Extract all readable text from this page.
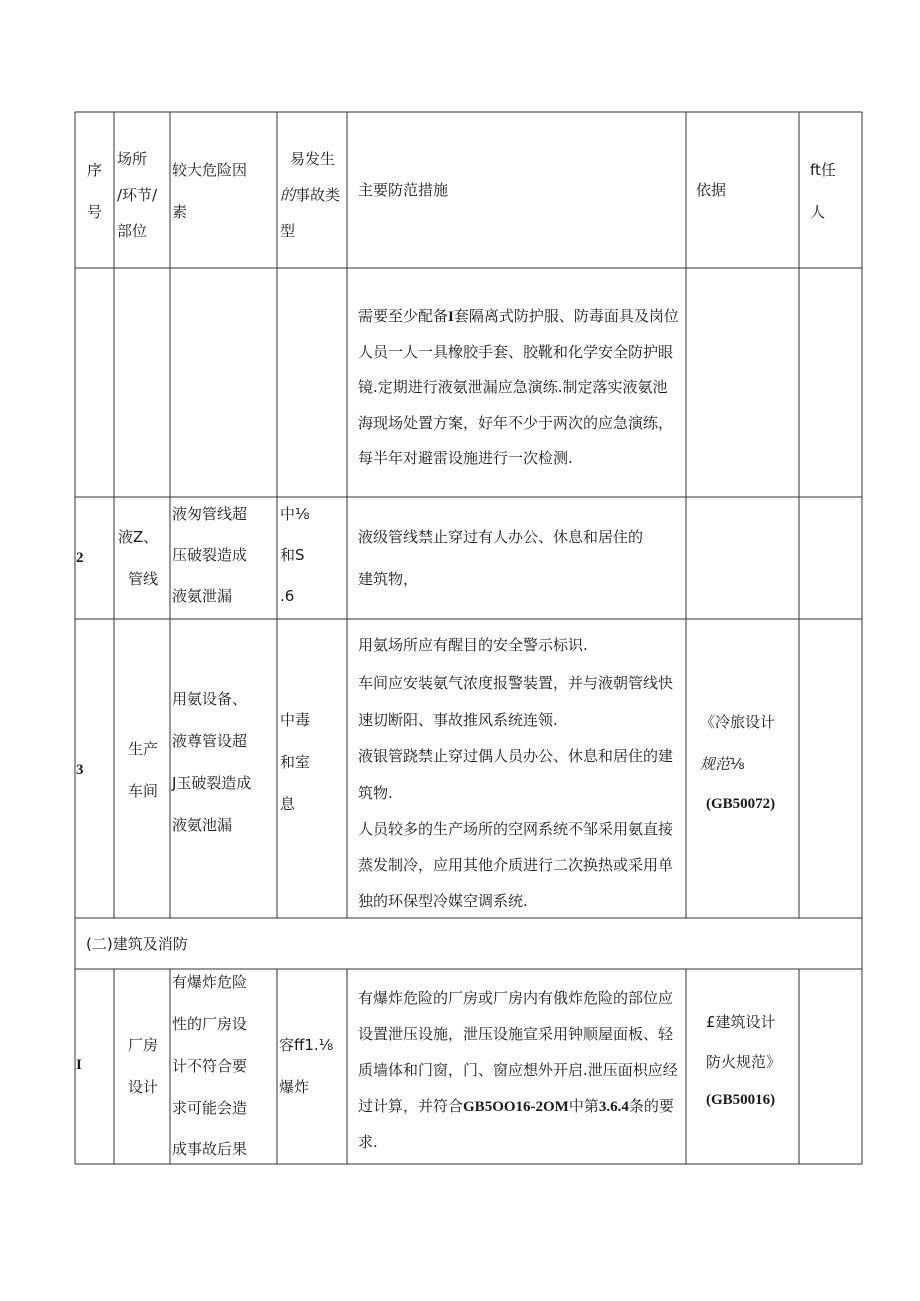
序
号
场所
/环节/
部位
较大危险因
素
易发生
的 事故类
型
主要防范措施	依据
ft任
人
需要至少配备I套隔离式防护服、防毒面具及岗位
人员一人一具橡胶手套、胶靴和化学安全防护眼
镜.定期进行液氨泄漏应急演练.制定落实液氨池
海现场处置方案，好年不少于两次的应急演练，
每半年对避雷设施进行一次检测.
2
液Z、
管线
液匆管线超
压破裂造成
液氨泄漏
中⅛
和S
.6
液级管线禁止穿过有人办公、休息和居住的
建筑物，
3
生产
车间
用氨设备、
液尊管设超
J玉破裂造成
液氨池漏
中毒
和室
息
用氨场所应有醒目的安全警示标识.
车间应安装氨气浓度报警装置，并与液朝管线快
速切断阳、事故推风系统连领.
液银管跷禁止穿过偶人员办公、休息和居住的建
筑物.
人员较多的生产场所的空网系统不邹采用氨直接
蒸发制冷，应用其他介质进行二次换热或采用单
独的环保型冷媒空调系统.
《冷旅设计
规范⅛
(GB50072)
(二)建筑及消防
I
厂房
设计
有爆炸危险
性的厂房设
计不符合要
求可能会造
成事故后果
容ff1.⅛
爆炸
有爆炸危险的厂房或厂房内有俄炸危险的部位应
设置泄压设施，泄压设施宣采用钟顺屋面板、轻
质墙体和门窗，门、窗应想外开启.泄压面枳应经
过计算，并符合GB5OO16-2OM中第3.6.4条的要
求.
£建筑设计
防火规范》
(GB50016)
